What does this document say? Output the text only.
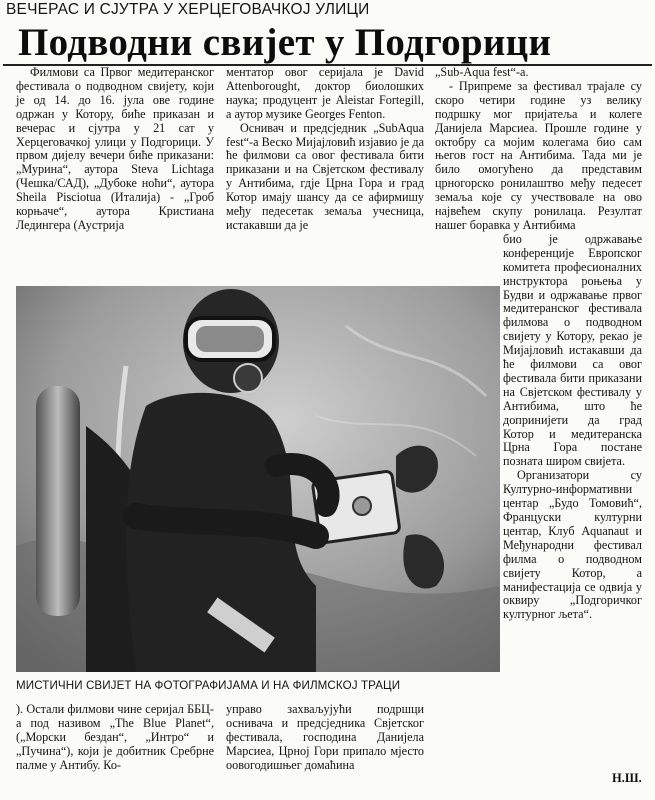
ВЕЧЕРАС И СЈУТРА У ХЕРЦЕГОВАЧКОЈ УЛИЦИ
Подводни свијет у Подгорици

Филмови са Првог медитеранског фестивала о подводном свијету, који је од 14. до 16. јула ове године одржан у Котору, биће приказан и вечерас и сјутра у 21 сат у Херцеговачкој улици у Подгорици. У првом дијелу вечери биће приказани: „Мурина“, аутора Steva Lichtaga (Чешка/САД), „Дубоке ноћи“, аутора Sheila Pisciotua (Италија) - „Гроб корњаче“, аутора Кристиана Ледингера (Аустрија

ментатор овог серијала је David Attenborought, доктор биолошких наука; продуцент је Aleistar Fortegill, а аутор музике Georges Fenton.

Оснивач и предсједник „SubAqua fest“-а Веско Мијајловић изјавио је да ће филмови са овог фестивала бити приказани и на Свјетском фестивалу у Антибима, гдје Црна Гора и град Котор имају шансу да се афирмишу међу педесетак земаља учесница, истакавши да је

„Sub-Aqua fest“-а.

- Припреме за фестивал трајале су скоро четири године уз велику подршку мог пријатеља и колеге Данијела Марсиеа. Прошле године у октобру са мојим колегама био сам његов гост на Антибима. Тада ми је било омогућено да представим црногорско ронилаштво међу педесет земаља које су учествовале на ово највећем скупу ронилаца. Резултат нашег боравка у Антибима

био је одржавање конференције Европског комитета професионалних инструктора роњења у Будви и одржавање првог медитеранског фестивала филмова о подводном свијету у Котору, рекао је Мијајловић истакавши да ће филмови са овог фестивала бити приказани на Свјетском фестивалу у Антибима, што ће допринијети да град Котор и медитеранска Црна Гора постане позната широм свијета.

Организатори су Културно-информативни центар „Будо Томовић“, Француски културни центар, Клуб Aquanaut и Међународни фестивал филма о подводном свијету Котор, а манифестација се одвија у оквиру „Подгоричког културног љета“.

МИСТИЧНИ СВИЈЕТ НА ФОТОГРАФИЈАМА И НА ФИЛМСКОЈ ТРАЦИ

). Остали филмови чине серијал ББЦ-а под називом „The Blue Planet“, („Морски бездан“, „Интро“ и „Пучина“), који је добитник Сребрне палме у Антибу. Ко-

управо захваљујући подршци оснивача и предсједника Свјетског фестивала, господина Данијела Марсиеа, Црној Гори припало мјесто оовогодишњег домаћина

Н.Ш.
